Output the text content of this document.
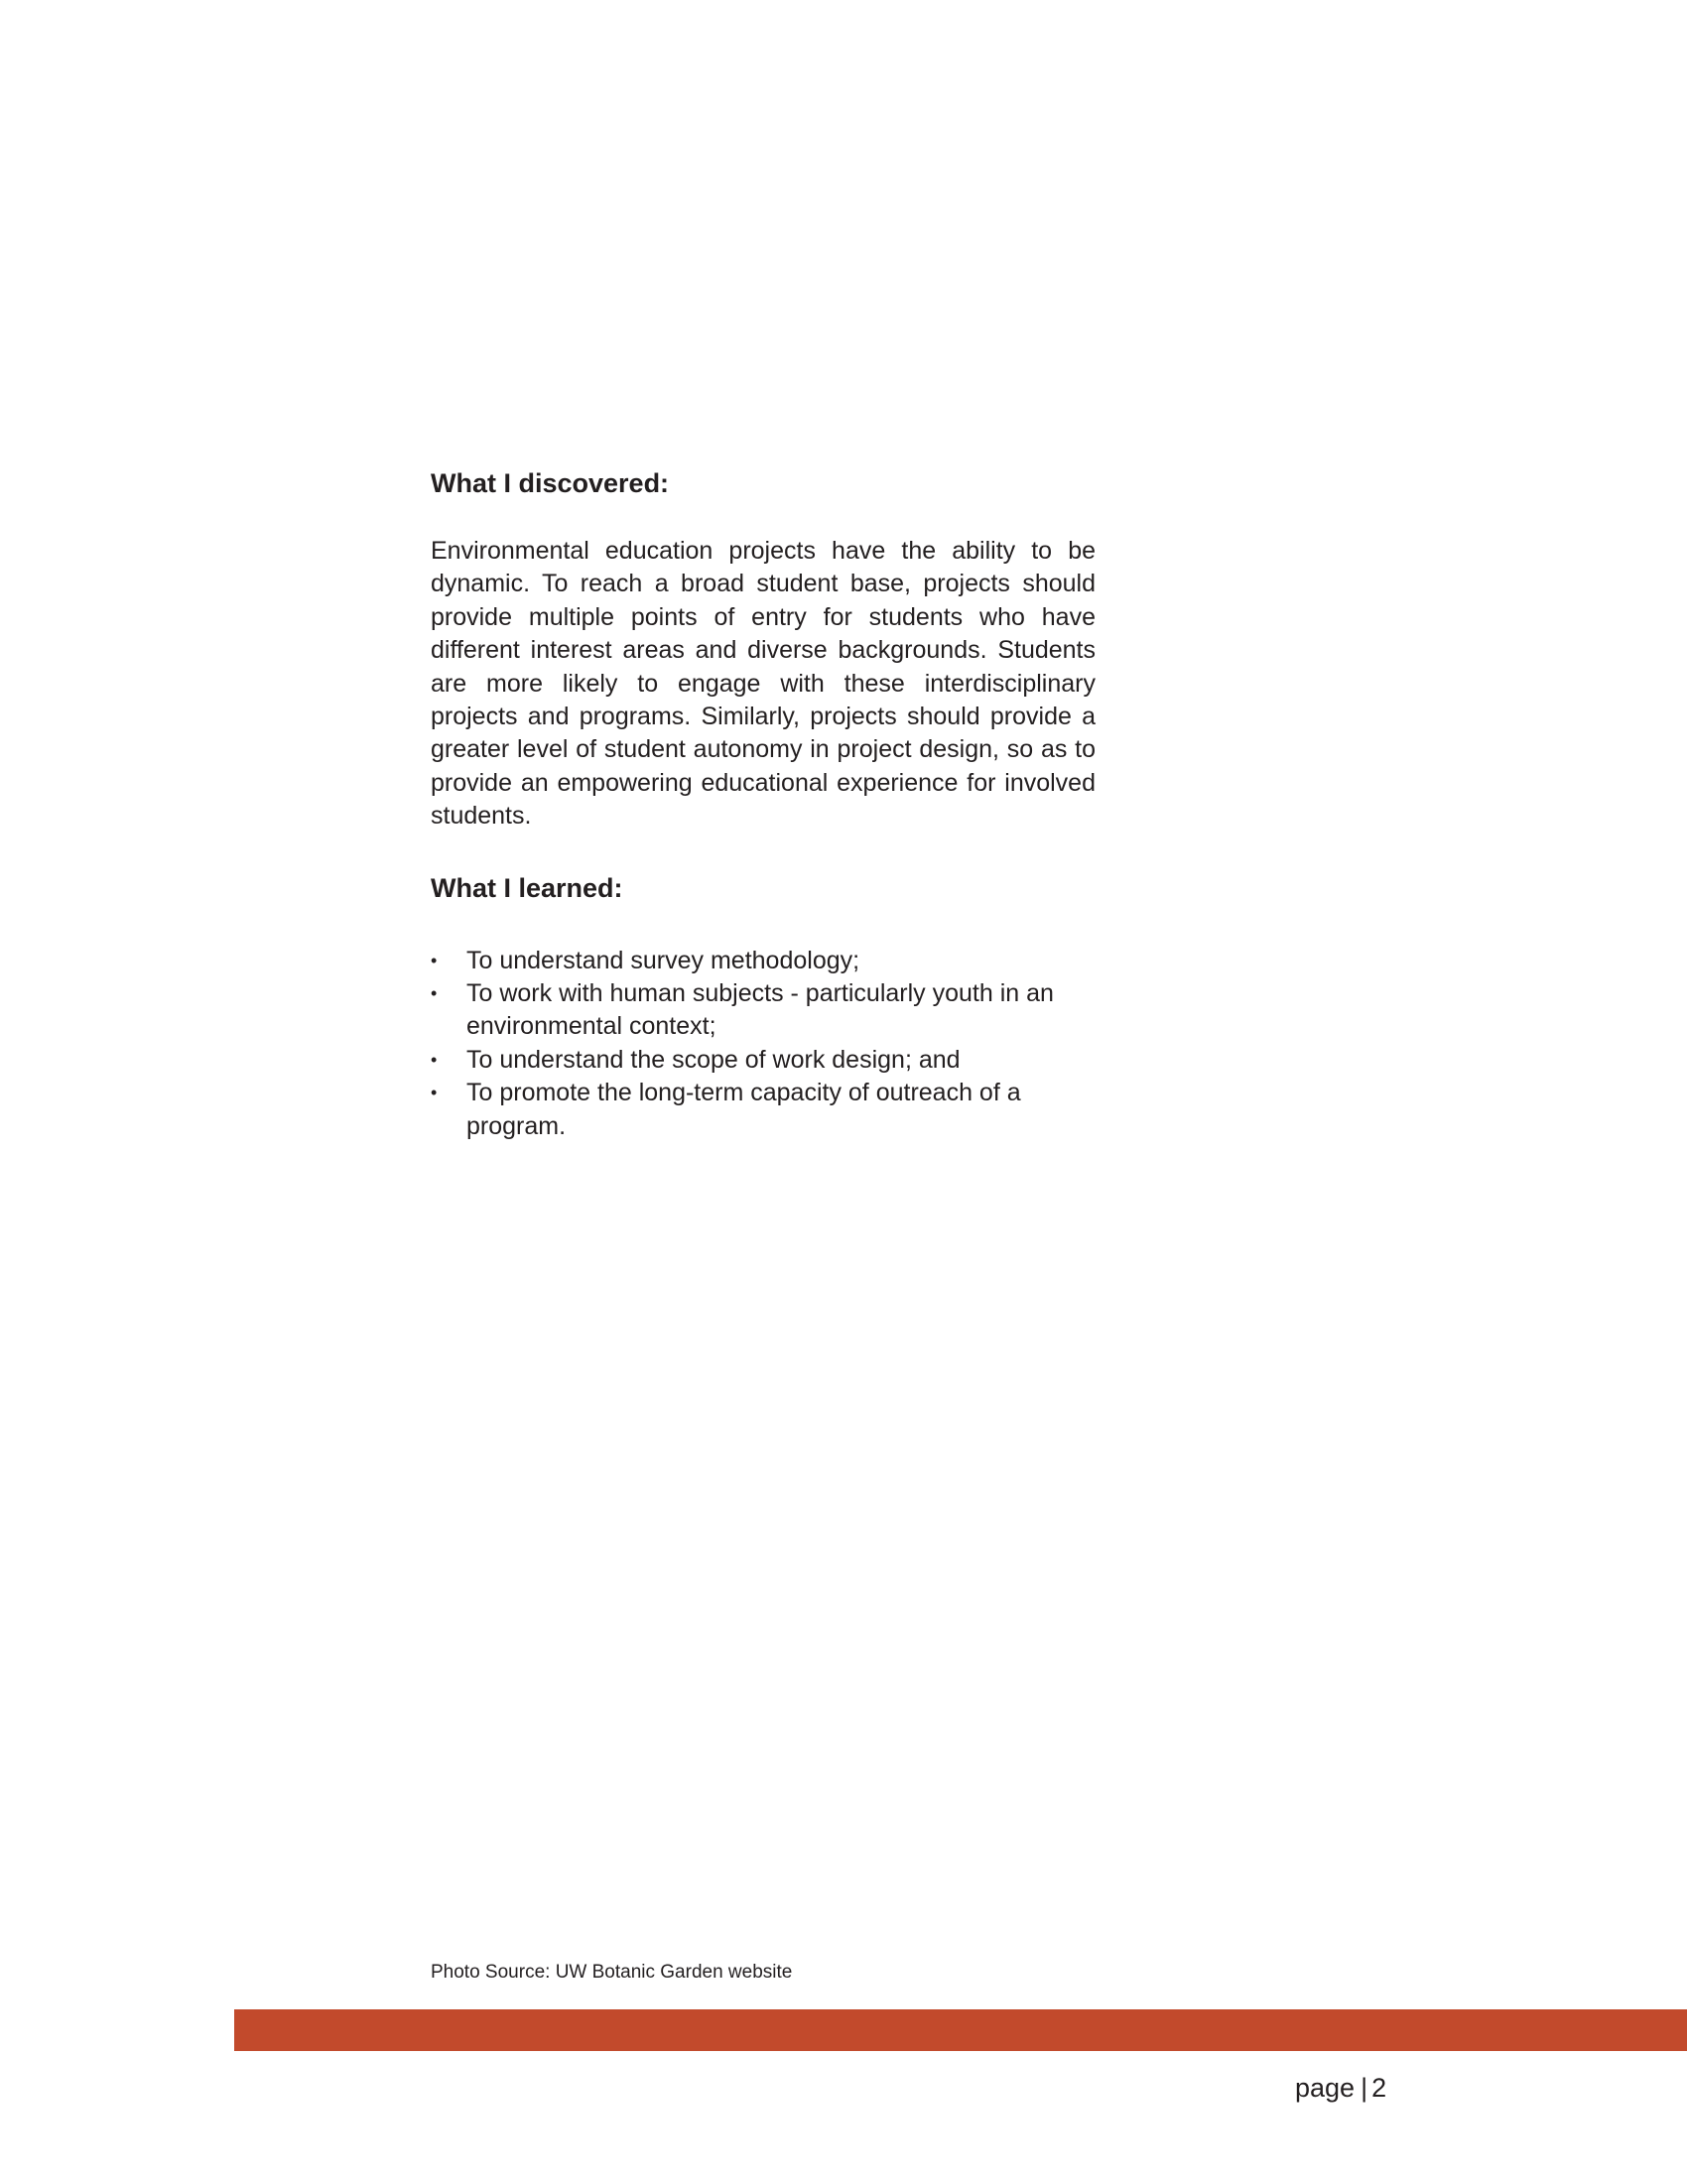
What I discovered:

Environmental education projects have the ability to be dynamic. To reach a broad student base, projects should provide multiple points of entry for students who have different interest areas and diverse backgrounds. Students are more likely to engage with these interdisciplinary projects and programs. Similarly, projects should provide a greater level of student autonomy in project design, so as to provide an empowering educational experience for involved students.

What I learned:
• To understand survey methodology;
• To work with human subjects - particularly youth in an environmental context;
• To understand the scope of work design; and
• To promote the long-term capacity of outreach of a program.
Photo Source: UW Botanic Garden website
page | 2
